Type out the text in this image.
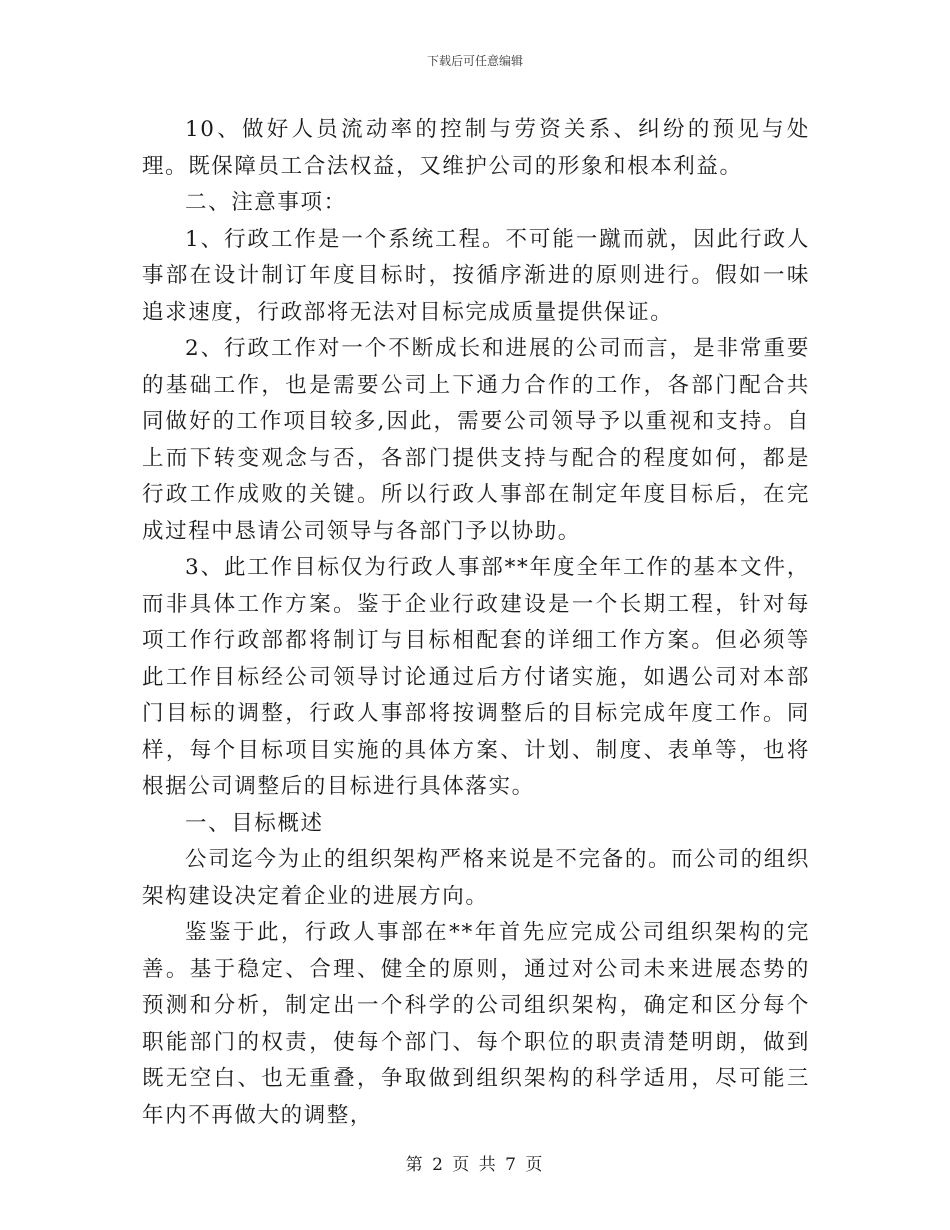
下载后可任意编辑

10、做好人员流动率的控制与劳资关系、纠纷的预见与处理。既保障员工合法权益，又维护公司的形象和根本利益。

二、注意事项：

1、行政工作是一个系统工程。不可能一蹴而就，因此行政人事部在设计制订年度目标时，按循序渐进的原则进行。假如一味追求速度，行政部将无法对目标完成质量提供保证。

2、行政工作对一个不断成长和进展的公司而言，是非常重要的基础工作，也是需要公司上下通力合作的工作，各部门配合共同做好的工作项目较多,因此，需要公司领导予以重视和支持。自上而下转变观念与否，各部门提供支持与配合的程度如何，都是行政工作成败的关键。所以行政人事部在制定年度目标后，在完成过程中恳请公司领导与各部门予以协助。

3、此工作目标仅为行政人事部**年度全年工作的基本文件，而非具体工作方案。鉴于企业行政建设是一个长期工程，针对每项工作行政部都将制订与目标相配套的详细工作方案。但必须等此工作目标经公司领导讨论通过后方付诸实施，如遇公司对本部门目标的调整，行政人事部将按调整后的目标完成年度工作。同样，每个目标项目实施的具体方案、计划、制度、表单等，也将根据公司调整后的目标进行具体落实。

一、目标概述

公司迄今为止的组织架构严格来说是不完备的。而公司的组织架构建设决定着企业的进展方向。

鉴鉴于此，行政人事部在**年首先应完成公司组织架构的完善。基于稳定、合理、健全的原则，通过对公司未来进展态势的预测和分析，制定出一个科学的公司组织架构，确定和区分每个职能部门的权责，使每个部门、每个职位的职责清楚明朗，做到既无空白、也无重叠，争取做到组织架构的科学适用，尽可能三年内不再做大的调整，

第 2 页 共 7 页
